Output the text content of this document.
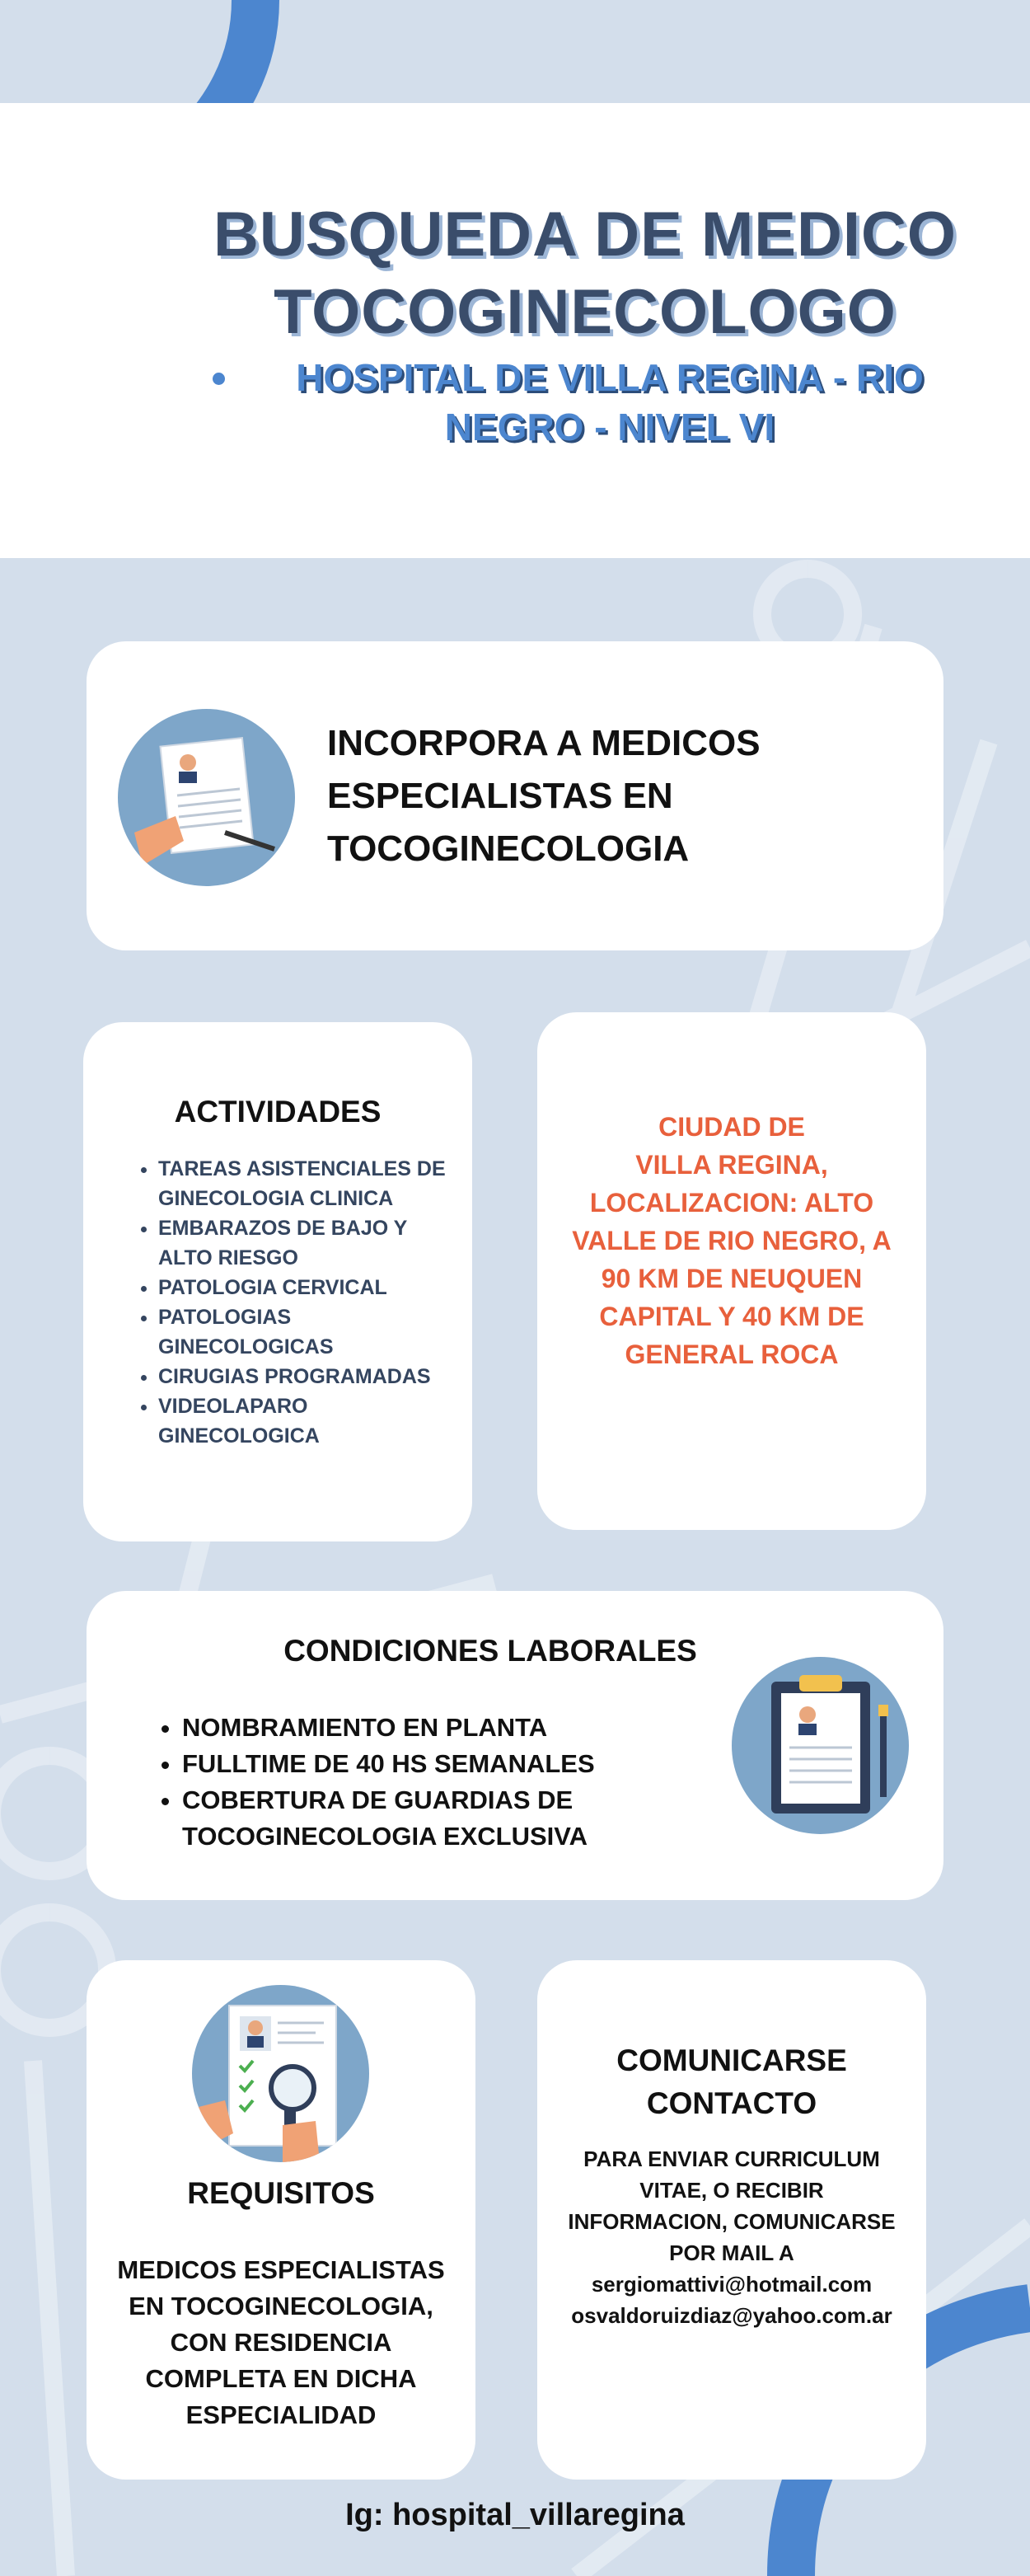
BUSQUEDA DE MEDICO
TOCOGINECOLOGO
HOSPITAL DE VILLA REGINA - RIO
NEGRO - NIVEL VI
INCORPORA A MEDICOS
ESPECIALISTAS EN
TOCOGINECOLOGIA
ACTIVIDADES
• TAREAS ASISTENCIALES DE
GINECOLOGIA CLINICA
• EMBARAZOS DE BAJO Y
ALTO RIESGO
• PATOLOGIA CERVICAL
• PATOLOGIAS
GINECOLOGICAS
• CIRUGIAS PROGRAMADAS
• VIDEOLAPARO
GINECOLOGICA
CIUDAD DE
VILLA REGINA,
LOCALIZACION: ALTO
VALLE DE RIO NEGRO, A
90 KM DE NEUQUEN
CAPITAL Y 40 KM DE
GENERAL ROCA
CONDICIONES LABORALES
• NOMBRAMIENTO EN PLANTA
• FULLTIME DE 40 HS SEMANALES
• COBERTURA DE GUARDIAS DE
TOCOGINECOLOGIA EXCLUSIVA
REQUISITOS
MEDICOS ESPECIALISTAS
EN TOCOGINECOLOGIA,
CON RESIDENCIA
COMPLETA EN DICHA
ESPECIALIDAD
COMUNICARSE
CONTACTO
PARA ENVIAR CURRICULUM
VITAE, O RECIBIR
INFORMACION, COMUNICARSE
POR MAIL A
sergiomattivi@hotmail.com
osvaldoruizdiaz@yahoo.com.ar
Ig: hospital_villaregina
